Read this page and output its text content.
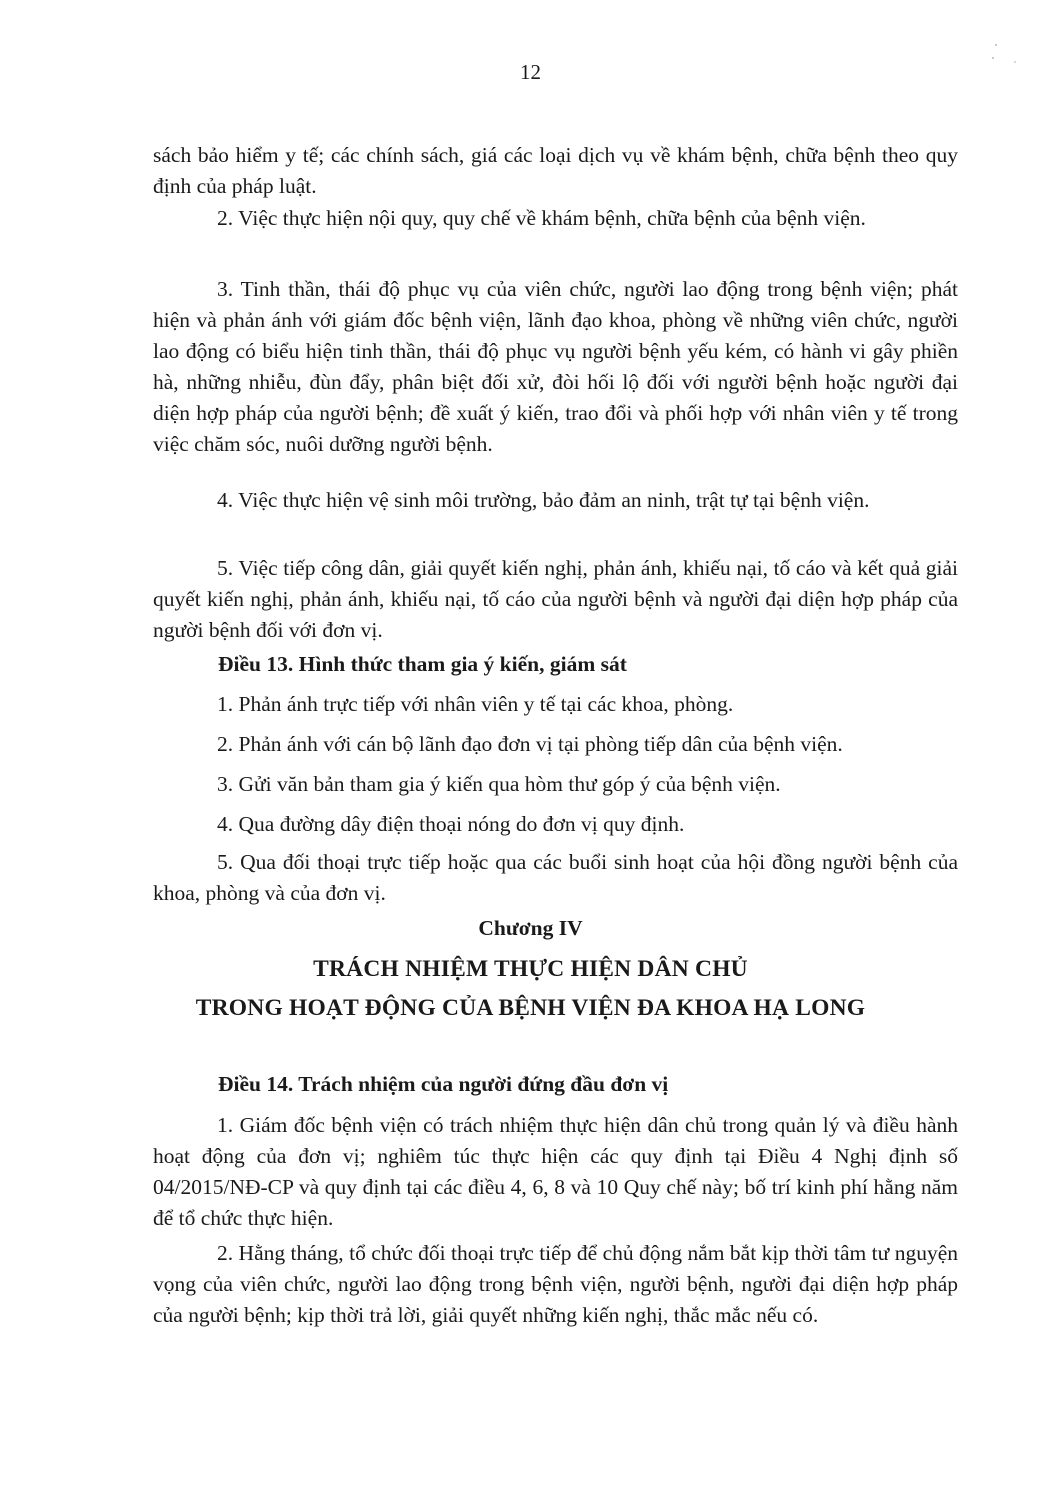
12

sách bảo hiểm y tế; các chính sách, giá các loại dịch vụ về khám bệnh, chữa bệnh theo quy định của pháp luật.

2. Việc thực hiện nội quy, quy chế về khám bệnh, chữa bệnh của bệnh viện.

3. Tinh thần, thái độ phục vụ của viên chức, người lao động trong bệnh viện; phát hiện và phản ánh với giám đốc bệnh viện, lãnh đạo khoa, phòng về những viên chức, người lao động có biểu hiện tinh thần, thái độ phục vụ người bệnh yếu kém, có hành vi gây phiền hà, những nhiễu, đùn đẩy, phân biệt đối xử, đòi hối lộ đối với người bệnh hoặc người đại diện hợp pháp của người bệnh; đề xuất ý kiến, trao đổi và phối hợp với nhân viên y tế trong việc chăm sóc, nuôi dưỡng người bệnh.

4. Việc thực hiện vệ sinh môi trường, bảo đảm an ninh, trật tự tại bệnh viện.

5. Việc tiếp công dân, giải quyết kiến nghị, phản ánh, khiếu nại, tố cáo và kết quả giải quyết kiến nghị, phản ánh, khiếu nại, tố cáo của người bệnh và người đại diện hợp pháp của người bệnh đối với đơn vị.

Điều 13. Hình thức tham gia ý kiến, giám sát

1. Phản ánh trực tiếp với nhân viên y tế tại các khoa, phòng.

2. Phản ánh với cán bộ lãnh đạo đơn vị tại phòng tiếp dân của bệnh viện.

3. Gửi văn bản tham gia ý kiến qua hòm thư góp ý của bệnh viện.

4. Qua đường dây điện thoại nóng do đơn vị quy định.

5. Qua đối thoại trực tiếp hoặc qua các buổi sinh hoạt của hội đồng người bệnh của khoa, phòng và của đơn vị.

Chương IV

TRÁCH NHIỆM THỰC HIỆN DÂN CHỦ

TRONG HOẠT ĐỘNG CỦA BỆNH VIỆN ĐA KHOA HẠ LONG

Điều 14. Trách nhiệm của người đứng đầu đơn vị

1. Giám đốc bệnh viện có trách nhiệm thực hiện dân chủ trong quản lý và điều hành hoạt động của đơn vị; nghiêm túc thực hiện các quy định tại Điều 4 Nghị định số 04/2015/NĐ-CP và quy định tại các điều 4, 6, 8 và 10 Quy chế này; bố trí kinh phí hằng năm để tổ chức thực hiện.

2. Hằng tháng, tổ chức đối thoại trực tiếp để chủ động nắm bắt kịp thời tâm tư nguyện vọng của viên chức, người lao động trong bệnh viện, người bệnh, người đại diện hợp pháp của người bệnh; kịp thời trả lời, giải quyết những kiến nghị, thắc mắc nếu có.
